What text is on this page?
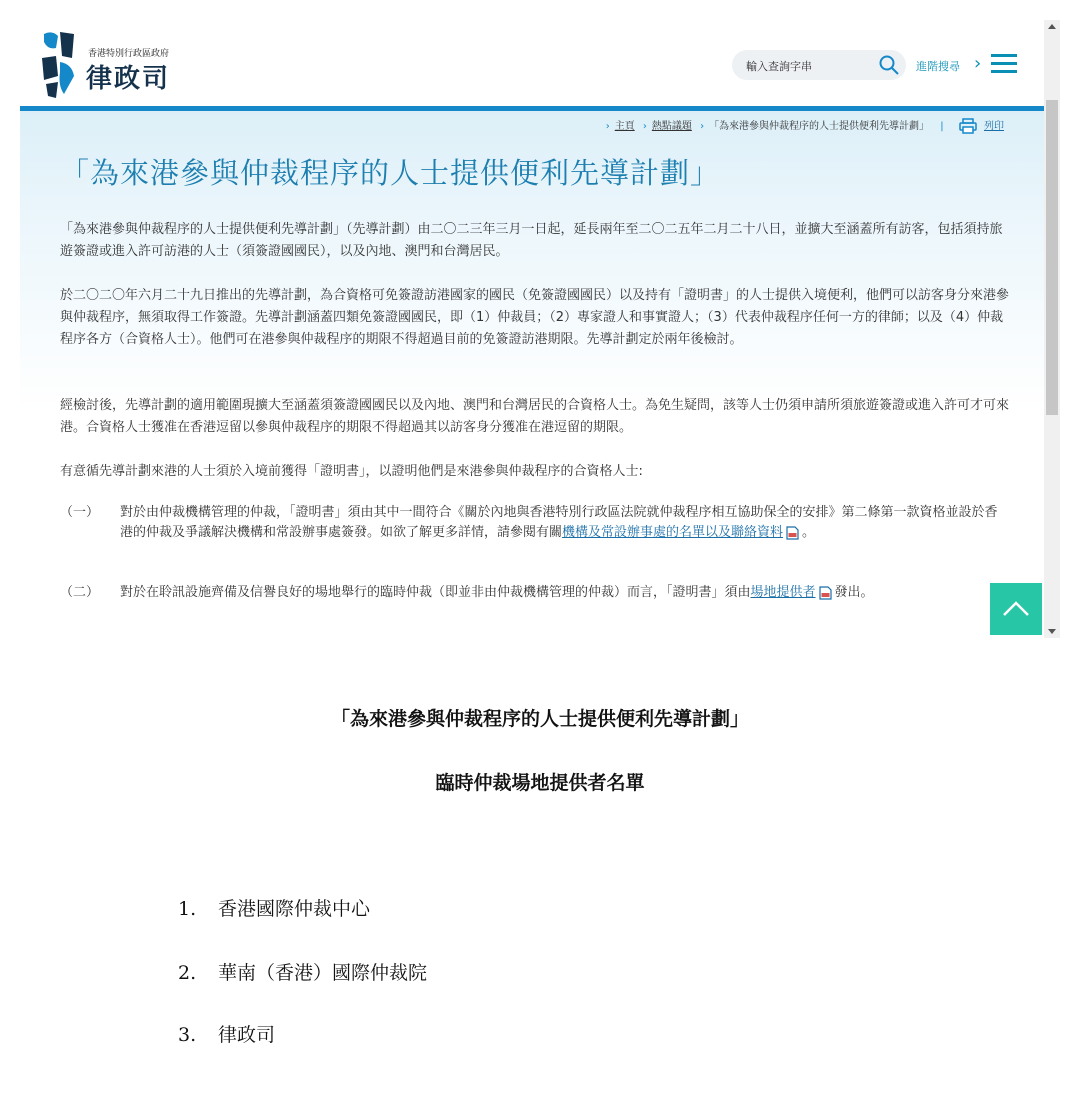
香港特別行政區政府
律政司	輸入查詢字串	進階搜尋 ›
› 主頁 › 熱點議題 › 「為來港參與仲裁程序的人士提供便利先導計劃」 |	列印
「為來港參與仲裁程序的人士提供便利先導計劃」

「為來港參與仲裁程序的人士提供便利先導計劃」（先導計劃）由二〇二三年三月一日起，延長兩年至二〇二五年二月二十八日，並擴大至涵蓋所有訪客，包括須持旅遊簽證或進入許可訪港的人士（須簽證國國民），以及內地、澳門和台灣居民。

於二〇二〇年六月二十九日推出的先導計劃，為合資格可免簽證訪港國家的國民（免簽證國國民）以及持有「證明書」的人士提供入境便利，他們可以訪客身分來港參與仲裁程序，無須取得工作簽證。先導計劃涵蓋四類免簽證國國民，即（1）仲裁員；（2）專家證人和事實證人；（3）代表仲裁程序任何一方的律師；以及（4）仲裁程序各方（合資格人士）。他們可在港參與仲裁程序的期限不得超過目前的免簽證訪港期限。先導計劃定於兩年後檢討。

經檢討後，先導計劃的適用範圍現擴大至涵蓋須簽證國國民以及內地、澳門和台灣居民的合資格人士。為免生疑問，該等人士仍須申請所須旅遊簽證或進入許可才可來港。合資格人士獲准在香港逗留以參與仲裁程序的期限不得超過其以訪客身分獲准在港逗留的期限。

有意循先導計劃來港的人士須於入境前獲得「證明書」，以證明他們是來港參與仲裁程序的合資格人士:

（一）	對於由仲裁機構管理的仲裁，「證明書」須由其中一間符合《關於內地與香港特別行政區法院就仲裁程序相互協助保全的安排》第二條第一款資格並設於香港的仲裁及爭議解決機構和常設辦事處簽發。如欲了解更多詳情，請參閱有關機構及常設辦事處的名單以及聯絡資料 。
（二）	對於在聆訊設施齊備及信譽良好的場地舉行的臨時仲裁（即並非由仲裁機構管理的仲裁）而言，「證明書」須由場地提供者 發出。
「為來港參與仲裁程序的人士提供便利先導計劃」
臨時仲裁場地提供者名單
1. 香港國際仲裁中心
2. 華南（香港）國際仲裁院
3. 律政司
